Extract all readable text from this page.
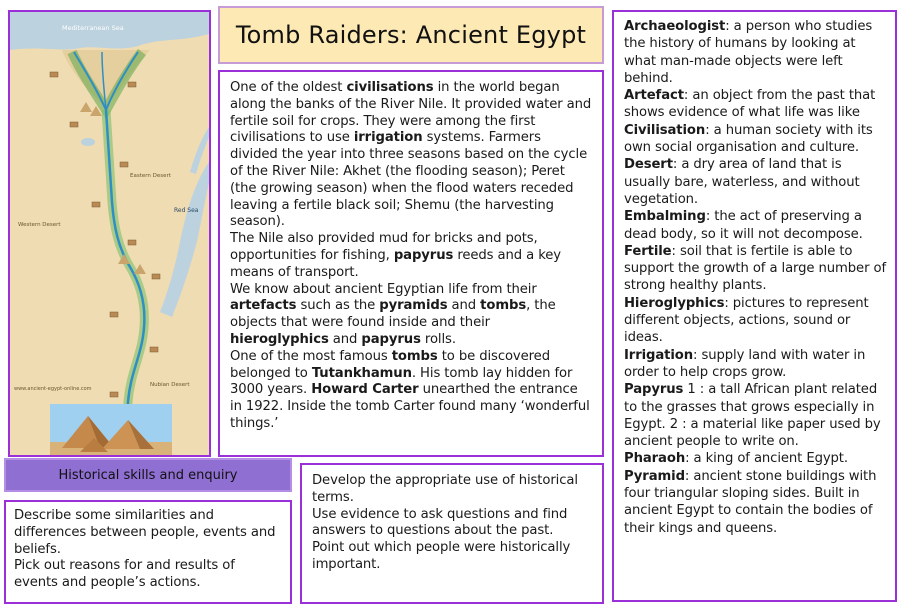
Mediterranean Sea
Red Sea
Western Desert
Eastern Desert
Nubian Desert
www.ancient-egypt-online.com
Tomb Raiders: Ancient Egypt

One of the oldest civilisations in the world began along the banks of the River Nile. It provided water and fertile soil for crops. They were among the first civilisations to use irrigation systems. Farmers divided the year into three seasons based on the cycle of the River Nile: Akhet (the flooding season); Peret (the growing season) when the flood waters receded leaving a fertile black soil; Shemu (the harvesting season).

The Nile also provided mud for bricks and pots, opportunities for fishing, papyrus reeds and a key means of transport.

We know about ancient Egyptian life from their artefacts such as the pyramids and tombs, the objects that were found inside and their hieroglyphics and papyrus rolls.

One of the most famous tombs to be discovered belonged to Tutankhamun. His tomb lay hidden for 3000 years. Howard Carter unearthed the entrance in 1922. Inside the tomb Carter found many ‘wonderful things.’

Archaeologist: a person who studies the history of humans by looking at what man-made objects were left behind.
Artefact: an object from the past that shows evidence of what life was like
Civilisation: a human society with its own social organisation and culture.
Desert: a dry area of land that is usually bare, waterless, and without vegetation.
Embalming: the act of preserving a dead body, so it will not decompose.
Fertile: soil that is fertile is able to support the growth of a large number of strong healthy plants.
Hieroglyphics: pictures to represent different objects, actions, sound or ideas.
Irrigation: supply land with water in order to help crops grow.
Papyrus 1 : a tall African plant related to the grasses that grows especially in Egypt. 2 : a material like paper used by ancient people to write on.
Pharaoh: a king of ancient Egypt.
Pyramid: ancient stone buildings with four triangular sloping sides. Built in ancient Egypt to contain the bodies of their kings and queens.
Historical skills and enquiry

Describe some similarities and differences between people, events and beliefs.

Pick out reasons for and results of events and people’s actions.

Develop the appropriate use of historical terms.

Use evidence to ask questions and find answers to questions about the past.

Point out which people were historically important.
